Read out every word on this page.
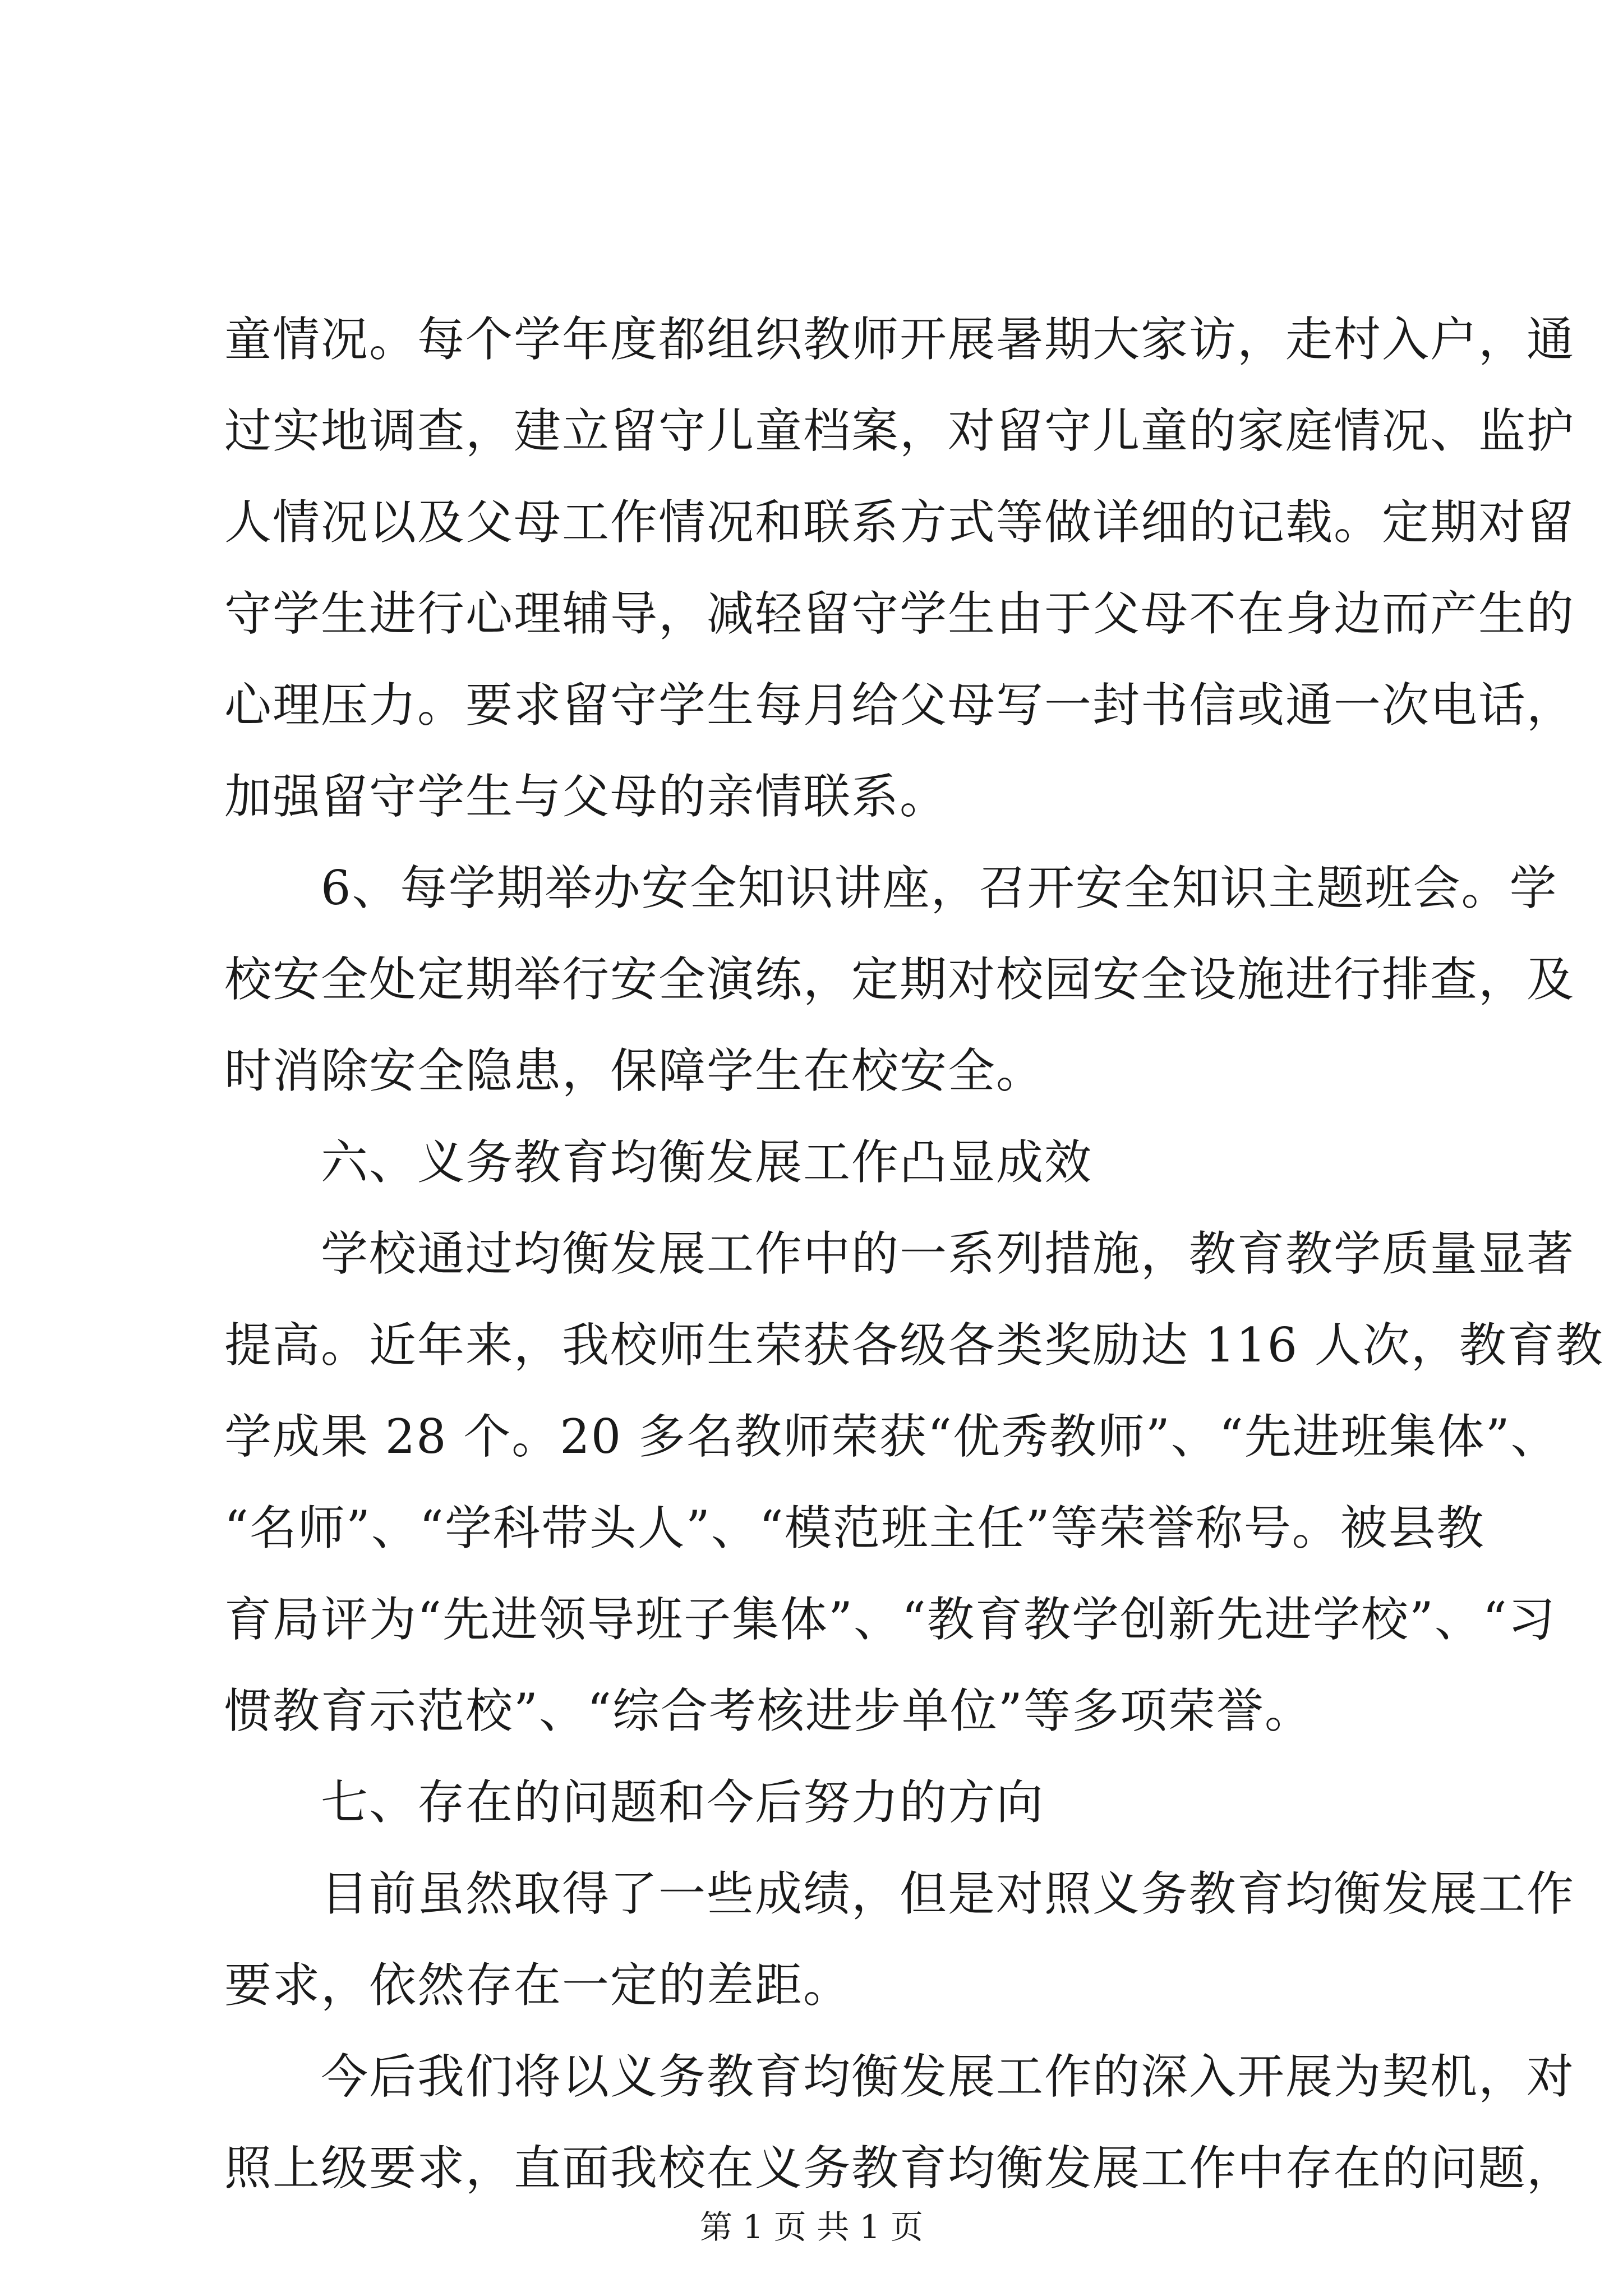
童情况。每个学年度都组织教师开展暑期大家访，走村入户，通
过实地调查，建立留守儿童档案，对留守儿童的家庭情况、监护
人情况以及父母工作情况和联系方式等做详细的记载。定期对留
守学生进行心理辅导，减轻留守学生由于父母不在身边而产生的
心理压力。要求留守学生每月给父母写一封书信或通一次电话，
加强留守学生与父母的亲情联系。
6、每学期举办安全知识讲座，召开安全知识主题班会。学
校安全处定期举行安全演练，定期对校园安全设施进行排查，及
时消除安全隐患，保障学生在校安全。
六、义务教育均衡发展工作凸显成效
学校通过均衡发展工作中的一系列措施，教育教学质量显著
提高。近年来，我校师生荣获各级各类奖励达 116 人次，教育教
学成果 28 个。20 多名教师荣获“优秀教师”、“先进班集体”、
“名师”、“学科带头人”、“模范班主任”等荣誉称号。被县教
育局评为“先进领导班子集体”、“教育教学创新先进学校”、“习
惯教育示范校”、“综合考核进步单位”等多项荣誉。
七、存在的问题和今后努力的方向
目前虽然取得了一些成绩，但是对照义务教育均衡发展工作
要求，依然存在一定的差距。
今后我们将以义务教育均衡发展工作的深入开展为契机，对
照上级要求，直面我校在义务教育均衡发展工作中存在的问题，
第 1 页 共 1 页
